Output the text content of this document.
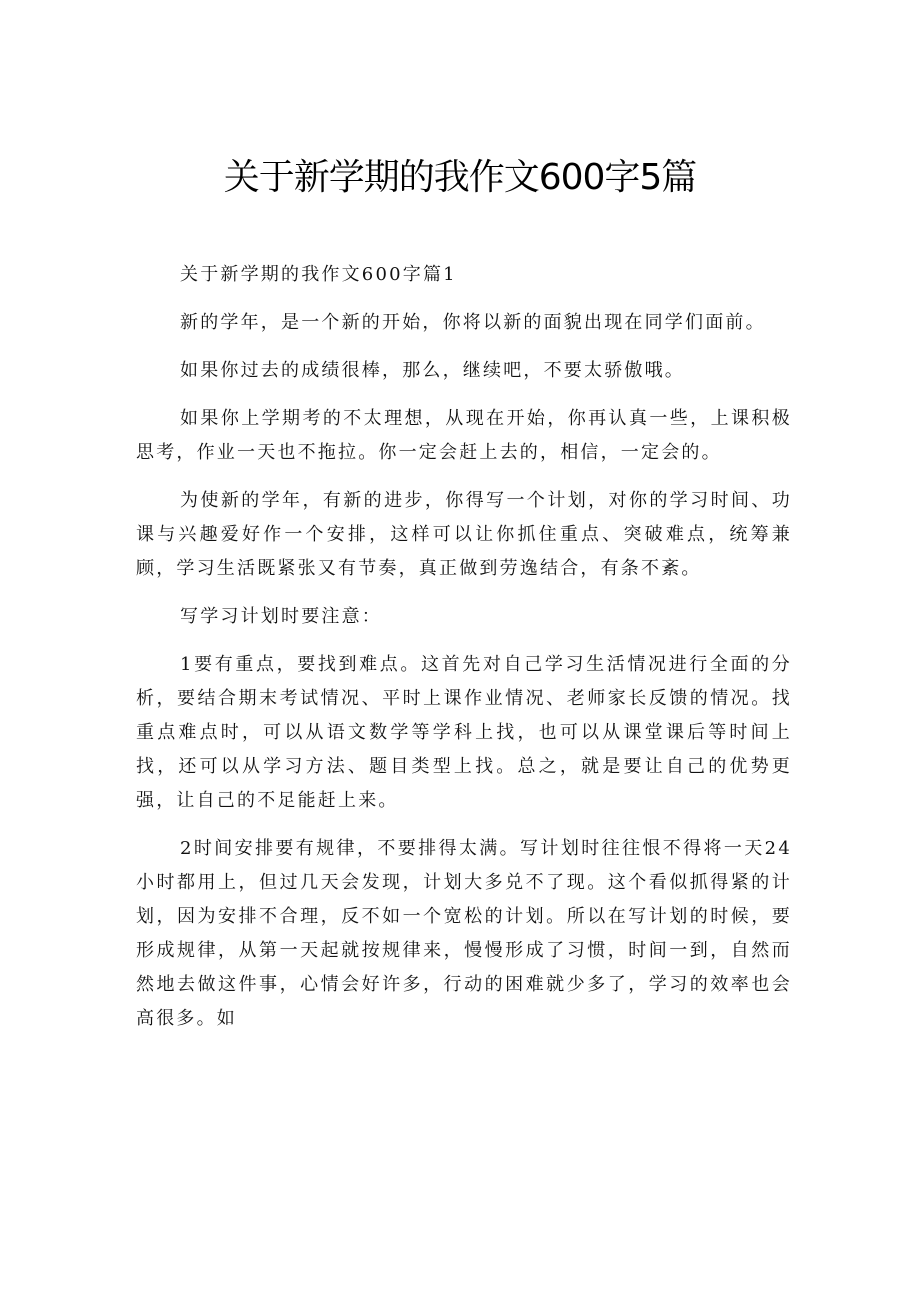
关于新学期的我作文600字5篇

关于新学期的我作文600字篇1

新的学年，是一个新的开始，你将以新的面貌出现在同学们面前。

如果你过去的成绩很棒，那么，继续吧，不要太骄傲哦。

如果你上学期考的不太理想，从现在开始，你再认真一些，上课积极思考，作业一天也不拖拉。你一定会赶上去的，相信，一定会的。

为使新的学年，有新的进步，你得写一个计划，对你的学习时间、功课与兴趣爱好作一个安排，这样可以让你抓住重点、突破难点，统筹兼顾，学习生活既紧张又有节奏，真正做到劳逸结合，有条不紊。

写学习计划时要注意：

1要有重点，要找到难点。这首先对自己学习生活情况进行全面的分析，要结合期末考试情况、平时上课作业情况、老师家长反馈的情况。找重点难点时，可以从语文数学等学科上找，也可以从课堂课后等时间上找，还可以从学习方法、题目类型上找。总之，就是要让自己的优势更强，让自己的不足能赶上来。

2时间安排要有规律，不要排得太满。写计划时往往恨不得将一天24小时都用上，但过几天会发现，计划大多兑不了现。这个看似抓得紧的计划，因为安排不合理，反不如一个宽松的计划。所以在写计划的时候，要形成规律，从第一天起就按规律来，慢慢形成了习惯，时间一到，自然而然地去做这件事，心情会好许多，行动的困难就少多了，学习的效率也会高很多。如
